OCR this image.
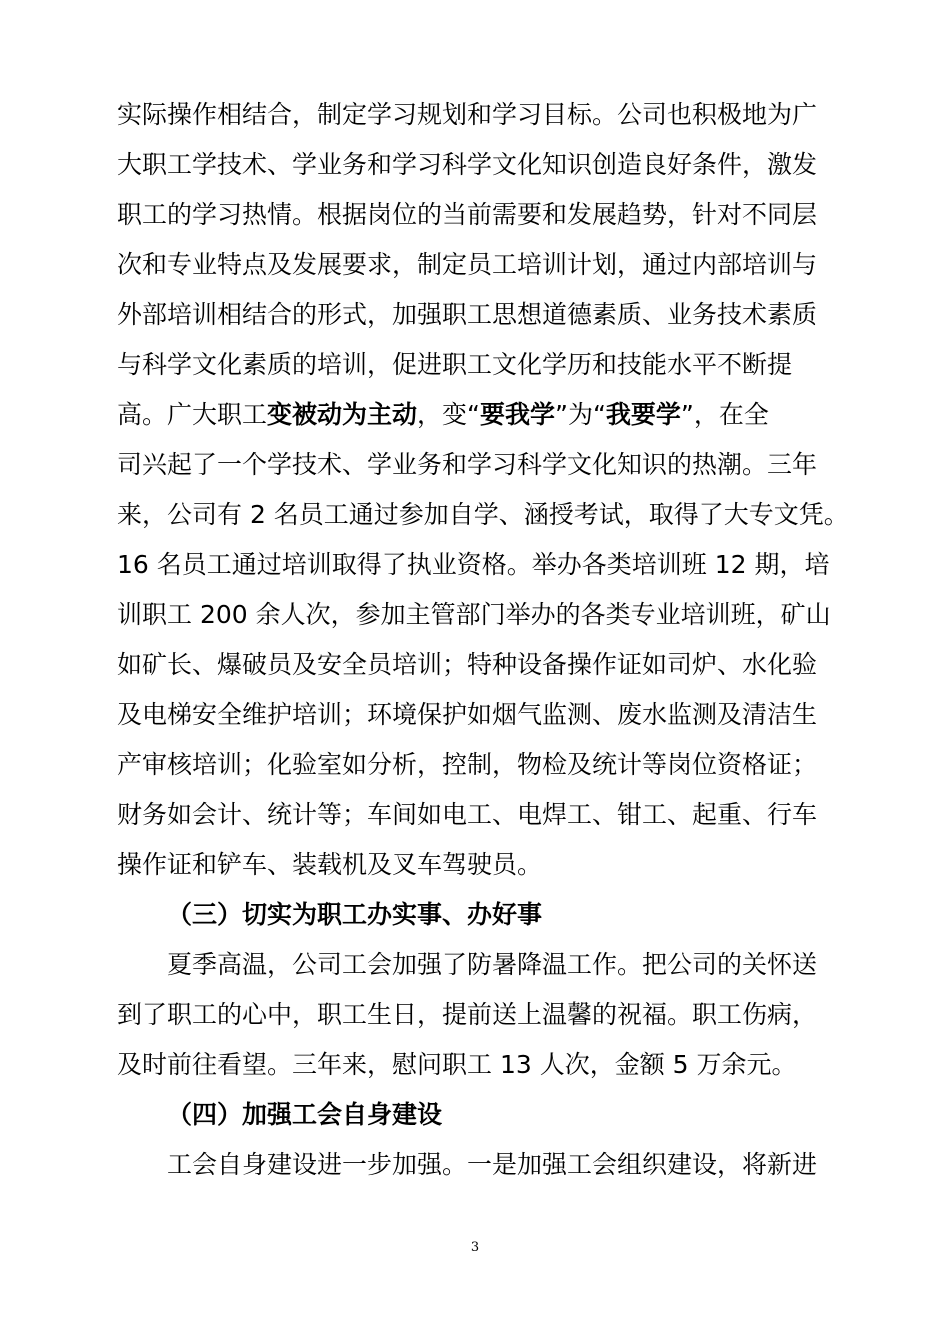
实际操作相结合，制定学习规划和学习目标。公司也积极地为广
大职工学技术、学业务和学习科学文化知识创造良好条件，激发
职工的学习热情。根据岗位的当前需要和发展趋势，针对不同层
次和专业特点及发展要求，制定员工培训计划，通过内部培训与
外部培训相结合的形式，加强职工思想道德素质、业务技术素质
与科学文化素质的培训，促进职工文化学历和技能水平不断提
高。广大职工变被动为主动，变“要我学”为“我要学”，在全
司兴起了一个学技术、学业务和学习科学文化知识的热潮。三年
来，公司有 2 名员工通过参加自学、涵授考试，取得了大专文凭。
16 名员工通过培训取得了执业资格。举办各类培训班 12 期，培
训职工 200 余人次，参加主管部门举办的各类专业培训班，矿山
如矿长、爆破员及安全员培训；特种设备操作证如司炉、水化验
及电梯安全维护培训；环境保护如烟气监测、废水监测及清洁生
产审核培训；化验室如分析，控制，物检及统计等岗位资格证；
财务如会计、统计等；车间如电工、电焊工、钳工、起重、行车
操作证和铲车、装载机及叉车驾驶员。
（三）切实为职工办实事、办好事
夏季高温，公司工会加强了防暑降温工作。把公司的关怀送
到了职工的心中，职工生日，提前送上温馨的祝福。职工伤病，
及时前往看望。三年来，慰问职工 13 人次，金额 5 万余元。
（四）加强工会自身建设
工会自身建设进一步加强。一是加强工会组织建设，将新进
3
